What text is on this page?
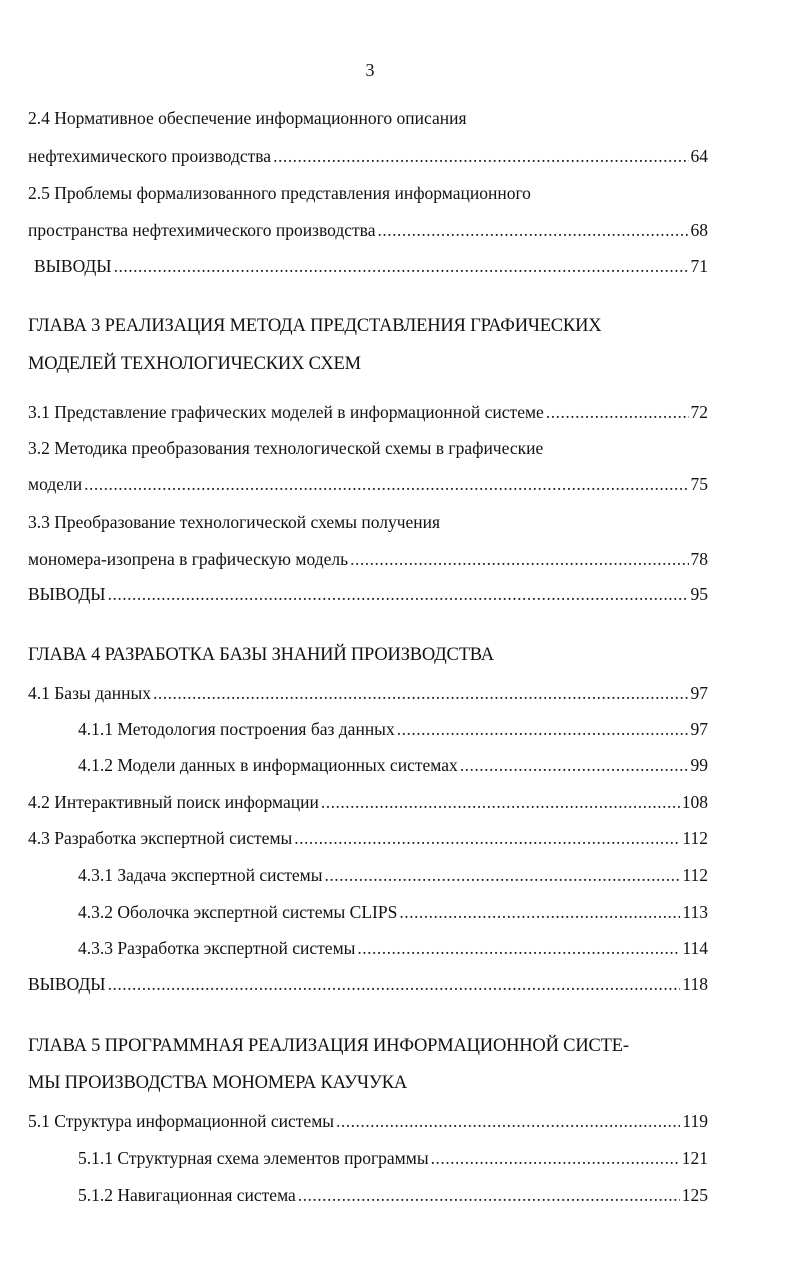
3
2.4 Нормативное обеспечение информационного описания
нефтехимического производства .....	64
2.5 Проблемы формализованного представления информационного
пространства нефтехимического производства .....	68
ВЫВОДЫ .....	71
ГЛАВА 3 РЕАЛИЗАЦИЯ МЕТОДА ПРЕДСТАВЛЕНИЯ ГРАФИЧЕСКИХ
МОДЕЛЕЙ ТЕХНОЛОГИЧЕСКИХ СХЕМ
3.1 Представление графических моделей в информационной системе .....	72
3.2 Методика преобразования технологической схемы в графические
модели .....	75
3.3 Преобразование технологической схемы получения
мономера-изопрена в графическую модель .....	78
ВЫВОДЫ .....	95
ГЛАВА 4 РАЗРАБОТКА БАЗЫ ЗНАНИЙ ПРОИЗВОДСТВА
4.1 Базы данных .....	97
4.1.1 Методология построения баз данных .....	97
4.1.2 Модели данных в информационных системах .....	99
4.2 Интерактивный поиск информации .....	108
4.3 Разработка экспертной системы .....	112
4.3.1 Задача экспертной системы .....	112
4.3.2 Оболочка экспертной системы CLIPS .....	113
4.3.3 Разработка экспертной системы .....	114
ВЫВОДЫ .....	118
ГЛАВА 5 ПРОГРАММНАЯ РЕАЛИЗАЦИЯ ИНФОРМАЦИОННОЙ СИСТЕ-
МЫ ПРОИЗВОДСТВА МОНОМЕРА КАУЧУКА
5.1 Структура информационной системы .....	119
5.1.1 Структурная схема элементов программы .....	121
5.1.2 Навигационная система .....	125
